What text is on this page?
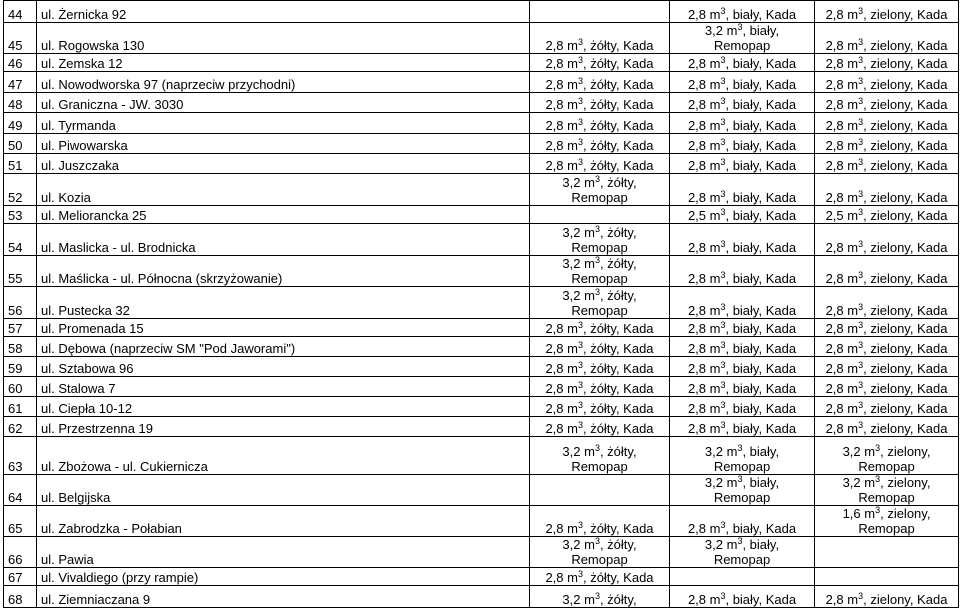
44	ul. Żernicka 92		2,8 $m^3$, biały, Kada	2,8 $m^3$, zielony, Kada

45	ul. Rogowska 130	2,8 $m^3$, żółty, Kada	3,2 $m^3$, biały,
Remopap	2,8 $m^3$, zielony, Kada

46	ul. Zemska 12	2,8 $m^3$, żółty, Kada	2,8 $m^3$, biały, Kada	2,8 $m^3$, zielony, Kada

47	ul. Nowodworska 97 (naprzeciw przychodni)	2,8 $m^3$, żółty, Kada	2,8 $m^3$, biały, Kada	2,8 $m^3$, zielony, Kada

48	ul. Graniczna - JW. 3030	2,8 $m^3$, żółty, Kada	2,8 $m^3$, biały, Kada	2,8 $m^3$, zielony, Kada

49	ul. Tyrmanda	2,8 $m^3$, żółty, Kada	2,8 $m^3$, biały, Kada	2,8 $m^3$, zielony, Kada

50	ul. Piwowarska	2,8 $m^3$, żółty, Kada	2,8 $m^3$, biały, Kada	2,8 $m^3$, zielony, Kada

51	ul. Juszczaka	2,8 $m^3$, żółty, Kada	2,8 $m^3$, biały, Kada	2,8 $m^3$, zielony, Kada

52	ul. Kozia	3,2 $m^3$, żółty,
Remopap	2,8 $m^3$, biały, Kada	2,8 $m^3$, zielony, Kada

53	ul. Meliorancka 25		2,5 $m^3$, biały, Kada	2,5 $m^3$, zielony, Kada

54	ul. Maslicka - ul. Brodnicka	3,2 $m^3$, żółty,
Remopap	2,8 $m^3$, biały, Kada	2,8 $m^3$, zielony, Kada

55	ul. Maślicka - ul. Północna (skrzyżowanie)	3,2 $m^3$, żółty,
Remopap	2,8 $m^3$, biały, Kada	2,8 $m^3$, zielony, Kada

56	ul. Pustecka 32	3,2 $m^3$, żółty,
Remopap	2,8 $m^3$, biały, Kada	2,8 $m^3$, zielony, Kada

57	ul. Promenada 15	2,8 $m^3$, żółty, Kada	2,8 $m^3$, biały, Kada	2,8 $m^3$, zielony, Kada

58	ul. Dębowa (naprzeciw SM "Pod Jaworami")	2,8 $m^3$, żółty, Kada	2,8 $m^3$, biały, Kada	2,8 $m^3$, zielony, Kada

59	ul. Sztabowa 96	2,8 $m^3$, żółty, Kada	2,8 $m^3$, biały, Kada	2,8 $m^3$, zielony, Kada

60	ul. Stalowa 7	2,8 $m^3$, żółty, Kada	2,8 $m^3$, biały, Kada	2,8 $m^3$, zielony, Kada

61	ul. Ciepła 10-12	2,8 $m^3$, żółty, Kada	2,8 $m^3$, biały, Kada	2,8 $m^3$, zielony, Kada

62	ul. Przestrzenna 19	2,8 $m^3$, żółty, Kada	2,8 $m^3$, biały, Kada	2,8 $m^3$, zielony, Kada

63	ul. Zbożowa - ul. Cukiernicza	3,2 $m^3$, żółty,
Remopap	3,2 $m^3$, biały,
Remopap	3,2 $m^3$, zielony,
Remopap

64	ul. Belgijska		3,2 $m^3$, biały,
Remopap	3,2 $m^3$, zielony,
Remopap

65	ul. Zabrodzka - Połabian	2,8 $m^3$, żółty, Kada	2,8 $m^3$, biały, Kada	1,6 $m^3$, zielony,
Remopap

66	ul. Pawia	3,2 $m^3$, żółty,
Remopap	3,2 $m^3$, biały,
Remopap	

67	ul. Vivaldiego (przy rampie)	2,8 $m^3$, żółty, Kada		

68	ul. Ziemniaczana 9	3,2 $m^3$, żółty,	2,8 $m^3$, biały, Kada	2,8 $m^3$, zielony, Kada
